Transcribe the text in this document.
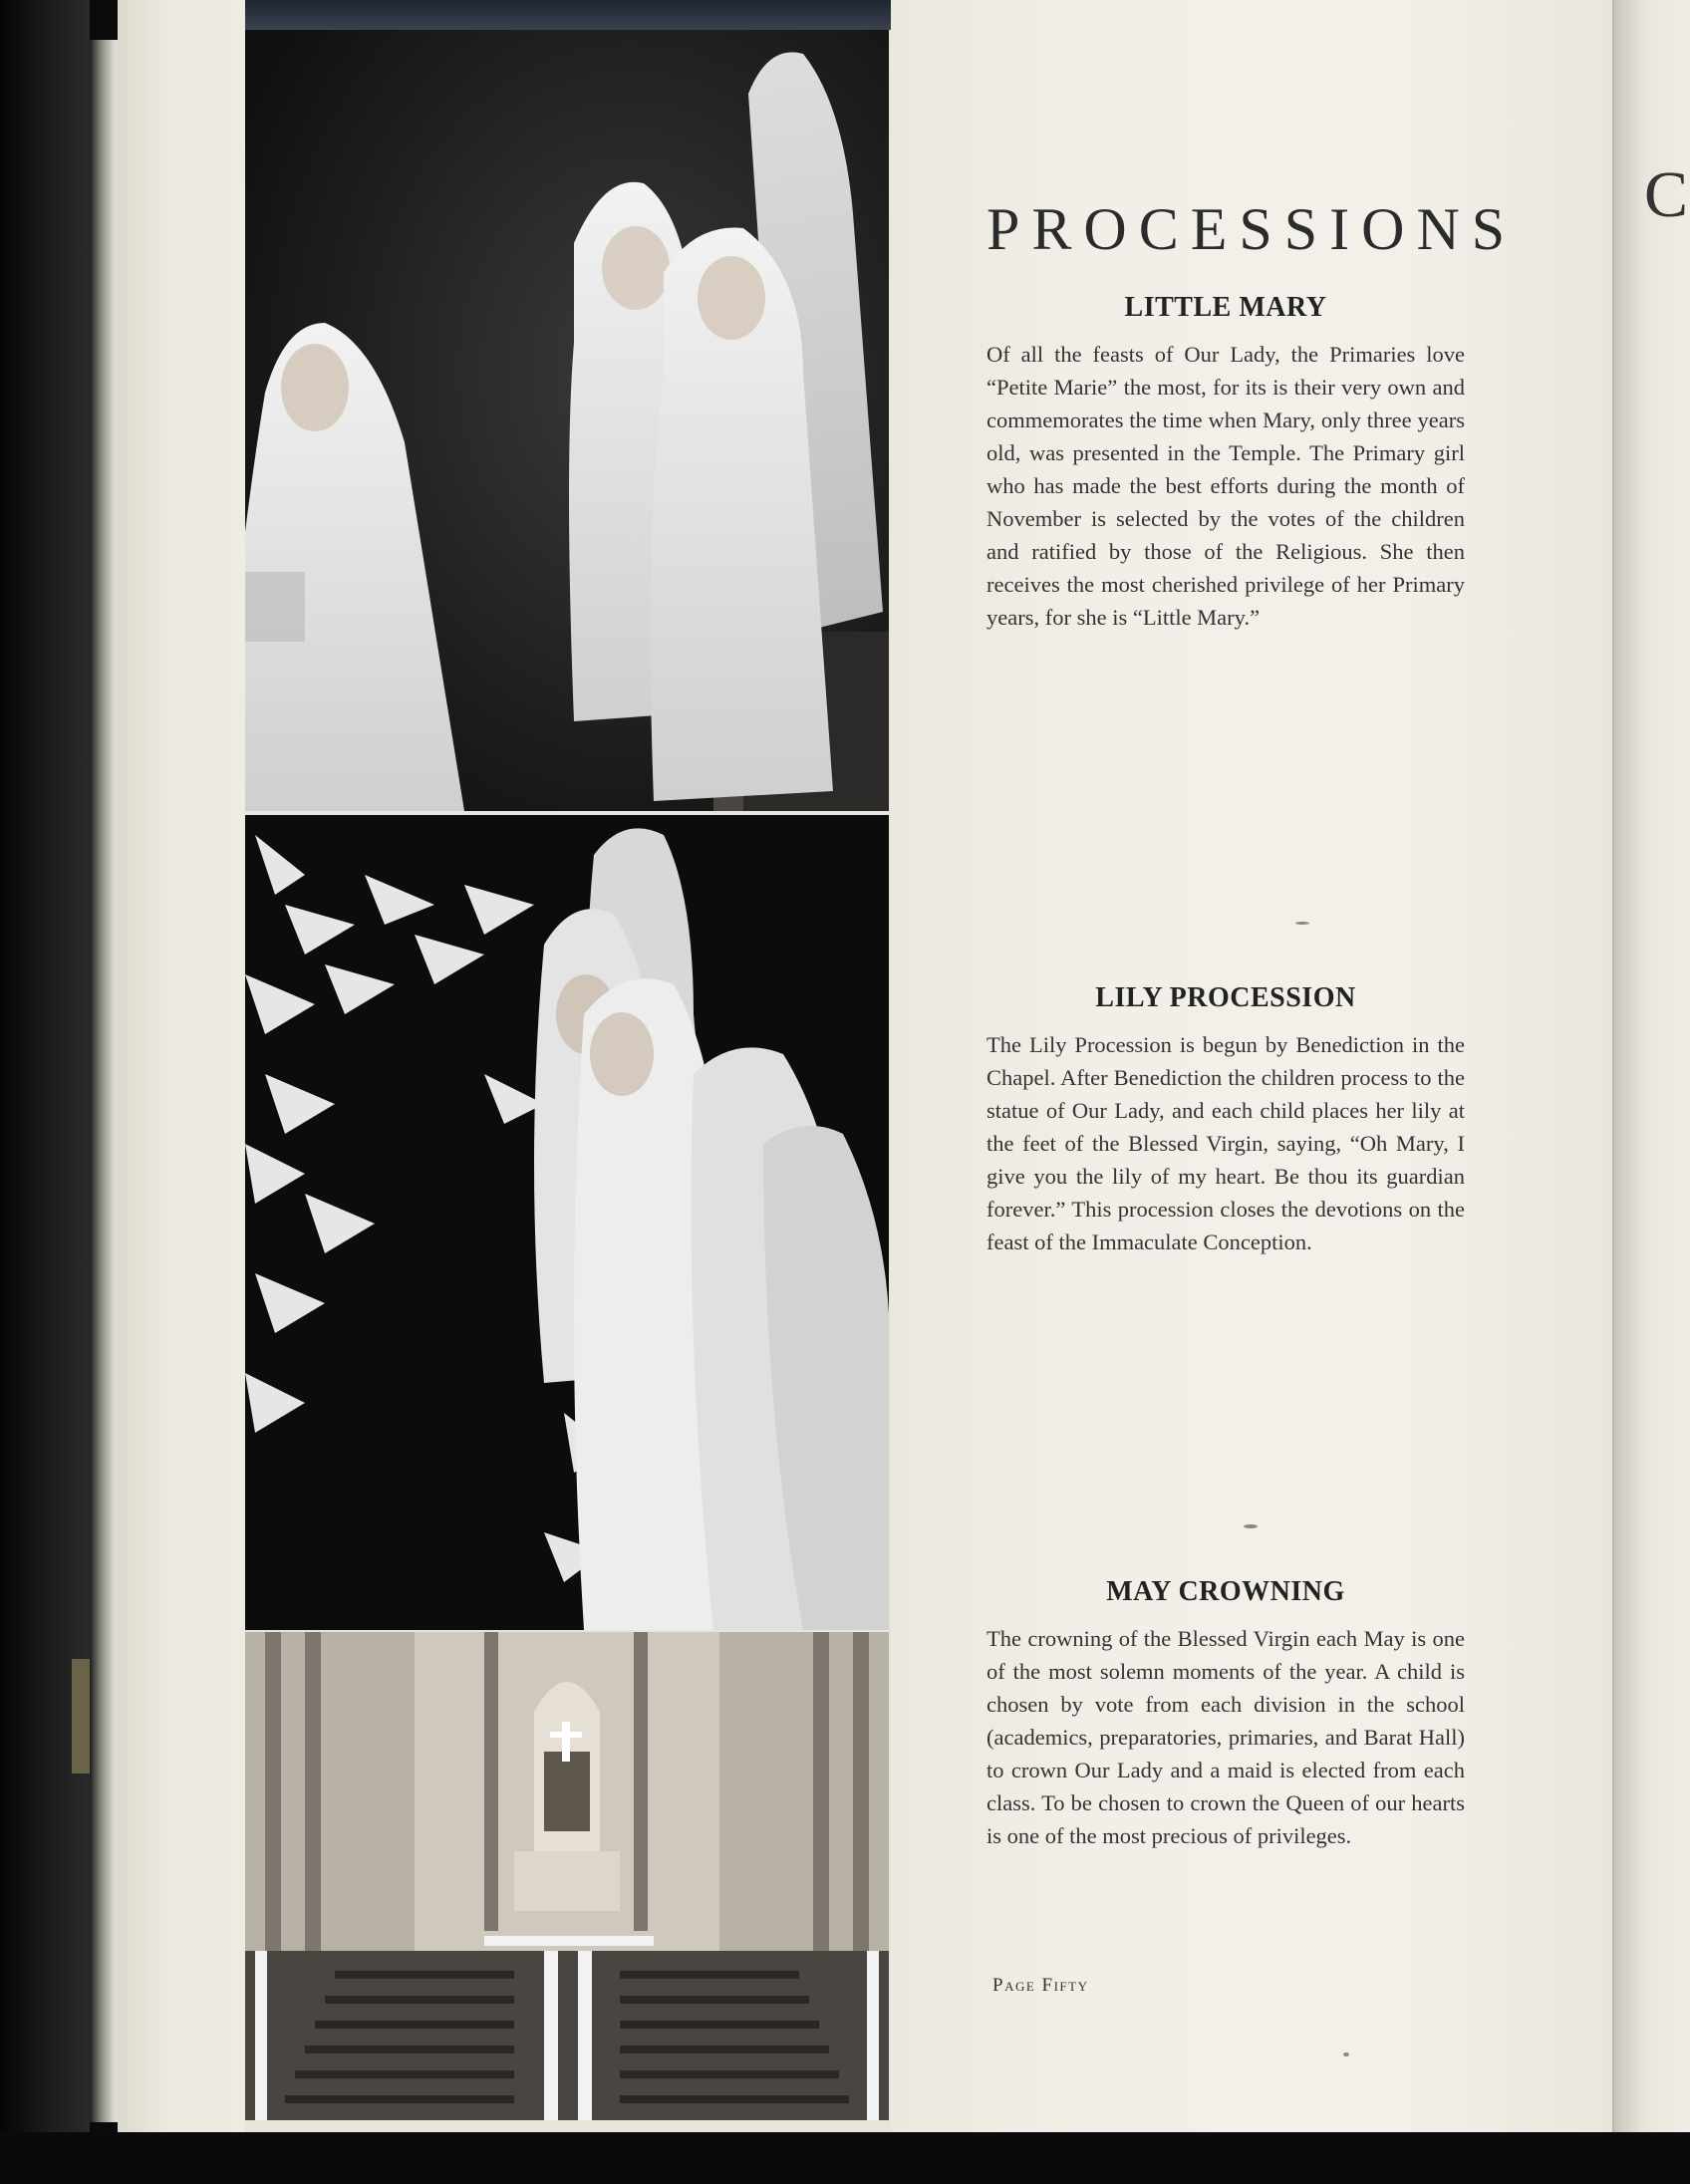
C
PROCESSIONS
LITTLE MARY

Of all the feasts of Our Lady, the Primaries love “Petite Marie” the most, for its is their very own and commemorates the time when Mary, only three years old, was presented in the Temple. The Primary girl who has made the best efforts during the month of November is selected by the votes of the children and ratified by those of the Religious. She then receives the most cherished privilege of her Primary years, for she is “Little Mary.”

LILY PROCESSION

The Lily Procession is begun by Benediction in the Chapel. After Benediction the children process to the statue of Our Lady, and each child places her lily at the feet of the Blessed Virgin, saying, “Oh Mary, I give you the lily of my heart. Be thou its guardian forever.” This procession closes the devotions on the feast of the Immaculate Conception.

MAY CROWNING

The crowning of the Blessed Virgin each May is one of the most solemn moments of the year. A child is chosen by vote from each division in the school (academics, preparatories, primaries, and Barat Hall) to crown Our Lady and a maid is elected from each class. To be chosen to crown the Queen of our hearts is one of the most precious of privileges.

Page Fifty
